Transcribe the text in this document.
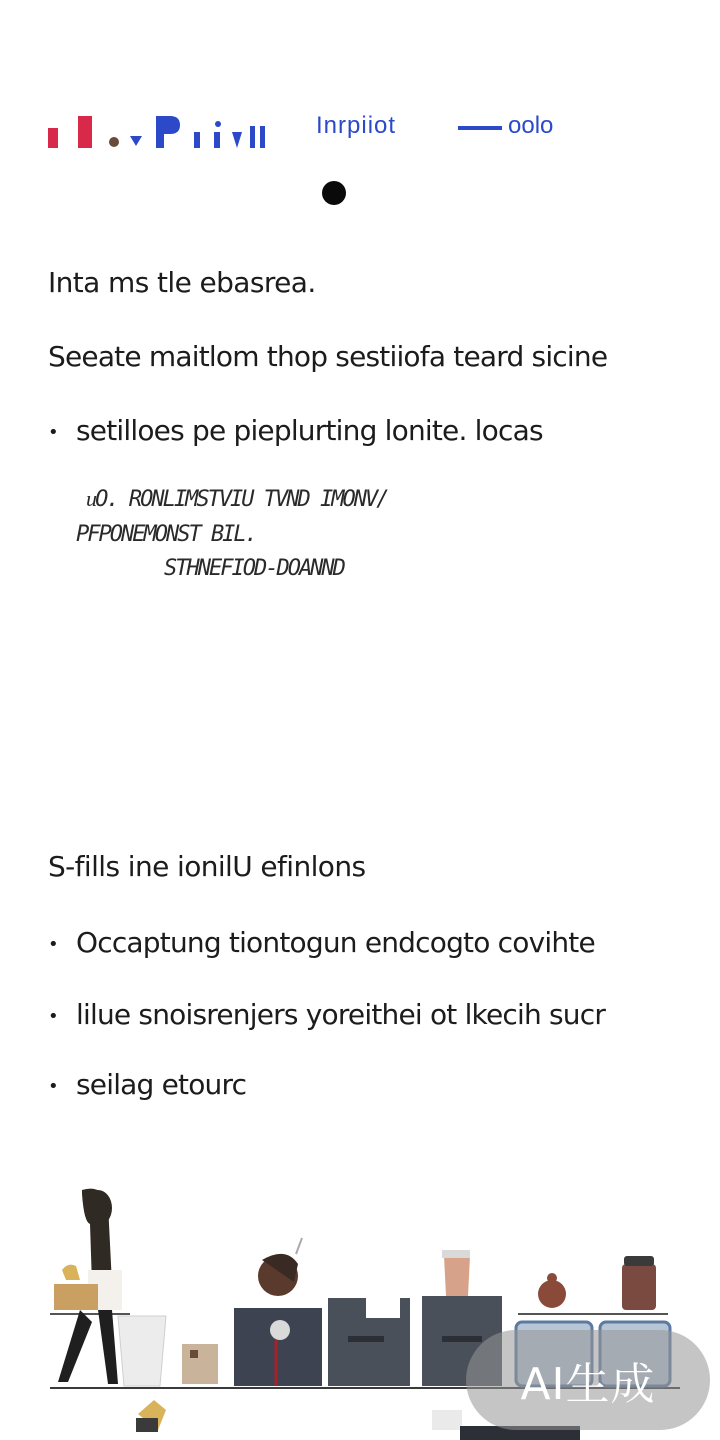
Inrpiiot	oolo
Inta ms tle ebasrea.
Seeate maitlom thop sestiiofa teard sicine
• setilloes pe pieplurting lonite. locas
ᴎO. RONLIMSTVIU TVND IMONV/
PFPONEMONST BIL.
STHNEFIOD-DOANND
S-fills ine ionilU efinlons
• Occaptung tiontogun endcogto covihte
• lilue snoisrenjers yoreithei ot lkecih sucr
• seilag etourc
AI生成
